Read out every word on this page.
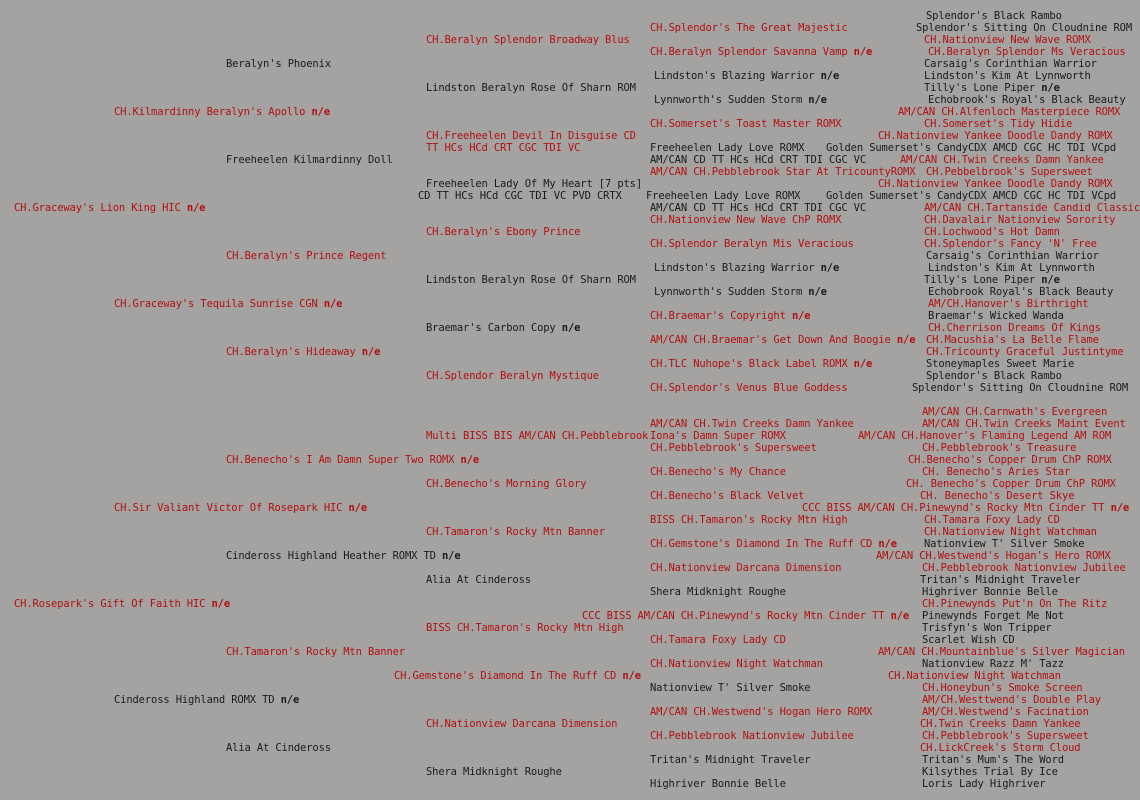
CH.Graceway's Lion King HIC n/e
CH.Kilmardinny Beralyn's Apollo n/e
CH.Graceway's Tequila Sunrise CGN n/e
CH.Sir Valiant Victor Of Rosepark HIC n/e
CH.Rosepark's Gift Of Faith HIC n/e
Cindeross Highland ROMX TD n/e
Beralyn's Phoenix
Freeheelen Kilmardinny Doll
CH.Beralyn's Prince Regent
CH.Beralyn's Hideaway n/e
CH.Benecho's I Am Damn Super Two ROMX n/e
Cindeross Highland Heather ROMX TD n/e
CH.Tamaron's Rocky Mtn Banner
Alia At Cindeross
CH.Beralyn Splendor Broadway Blus
Lindston Beralyn Rose Of Sharn ROM
CH.Freeheelen Devil In Disguise CD
TT HCs HCd CRT CGC TDI VC
Freeheelen Lady Of My Heart [7 pts]
CD TT HCs HCd CGC TDI VC PVD CRTX
CH.Beralyn's Ebony Prince
Lindston Beralyn Rose Of Sharn ROM
Braemar's Carbon Copy n/e
CH.Splendor Beralyn Mystique
Multi BISS BIS AM/CAN CH.Pebblebrook
CH.Benecho's Morning Glory
CH.Tamaron's Rocky Mtn Banner
Alia At Cindeross
BISS CH.Tamaron's Rocky Mtn High
CH.Gemstone's Diamond In The Ruff CD n/e
CH.Nationview Darcana Dimension
Shera Midknight Roughe
CH.Splendor's The Great Majestic
CH.Beralyn Splendor Savanna Vamp n/e
Lindston's Blazing Warrior n/e
Lynnworth's Sudden Storm n/e
CH.Somerset's Toast Master ROMX
Freeheelen Lady Love ROMX
AM/CAN CD TT HCs HCd CRT TDI CGC VC
AM/CAN CH.Pebblebrook Star At TricountyROMX
Freeheelen Lady Love ROMX
AM/CAN CD TT HCs HCd CRT TDI CGC VC
CH.Nationview New Wave ChP ROMX
CH.Splendor Beralyn Mis Veracious
Lindston's Blazing Warrior n/e
Lynnworth's Sudden Storm n/e
CH.Braemar's Copyright n/e
AM/CAN CH.Braemar's Get Down And Boogie n/e
CH.TLC Nuhope's Black Label ROMX n/e
CH.Splendor's Venus Blue Goddess
AM/CAN CH.Twin Creeks Damn Yankee
Iona's Damn Super ROMX
CH.Pebblebrook's Supersweet
CH.Benecho's My Chance
CH.Benecho's Black Velvet
BISS CH.Tamaron's Rocky Mtn High
CH.Gemstone's Diamond In The Ruff CD n/e
CH.Nationview Darcana Dimension
Shera Midknight Roughe
CCC BISS AM/CAN CH.Pinewynd's Rocky Mtn Cinder TT n/e
CH.Tamara Foxy Lady CD
CH.Nationview Night Watchman
Nationview T' Silver Smoke
AM/CAN CH.Westwend's Hogan Hero ROMX
CH.Pebblebrook Nationview Jubilee
Tritan's Midnight Traveler
Highriver Bonnie Belle
Splendor's Black Rambo
Splendor's Sitting On Cloudnine ROM
CH.Nationview New Wave ROMX
CH.Beralyn Splendor Ms Veracious
Carsaig's Corinthian Warrior
Lindston's Kim At Lynnworth
Tilly's Lone Piper n/e
Echobrook's Royal's Black Beauty
AM/CAN CH.Alfenloch Masterpiece ROMX
CH.Somerset's Tidy Hidie
CH.Nationview Yankee Doodle Dandy ROMX
Golden Sumerset's CandyCDX AMCD CGC HC TDI VCpd
AM/CAN CH.Twin Creeks Damn Yankee
CH.Pebbelbrook's Supersweet
CH.Nationview Yankee Doodle Dandy ROMX
Golden Sumerset's CandyCDX AMCD CGC HC TDI VCpd
AM/CAN CH.Tartanside Candid Classic
CH.Davalair Nationview Sorority
CH.Lochwood's Hot Damn
CH.Splendor's Fancy 'N' Free
Carsaig's Corinthian Warrior
Lindston's Kim At Lynnworth
Tilly's Lone Piper n/e
Echobrook Royal's Black Beauty
AM/CH.Hanover's Birthright
Braemar's Wicked Wanda
CH.Cherrison Dreams Of Kings
CH.Macushia's La Belle Flame
CH.Tricounty Graceful Justintyme
Stoneymaples Sweet Marie
Splendor's Black Rambo
Splendor's Sitting On Cloudnine ROM
AM/CAN CH.Carnwath's Evergreen
AM/CAN CH.Twin Creeks Maint Event
AM/CAN CH.Hanover's Flaming Legend AM ROM
CH.Pebblebrook's Treasure
CH.Benecho's Copper Drum ChP ROMX
CH. Benecho's Aries Star
CH. Benecho's Copper Drum ChP ROMX
CH. Benecho's Desert Skye
CCC BISS AM/CAN CH.Pinewynd's Rocky Mtn Cinder TT n/e
CH.Tamara Foxy Lady CD
CH.Nationview Night Watchman
Nationview T' Silver Smoke
AM/CAN CH.Westwend's Hogan's Hero ROMX
CH.Pebblebrook Nationview Jubilee
Tritan's Midnight Traveler
Highriver Bonnie Belle
CH.Pinewynds Put'n On The Ritz
Pinewynds Forget Me Not
Trisfyn's Won Tripper
Scarlet Wish CD
AM/CAN CH.Mountainblue's Silver Magician
Nationview Razz M' Tazz
CH.Nationview Night Watchman
CH.Honeybun's Smoke Screen
AM/CH.Westtwend's Double Play
AM/CH.Westwend's Facination
CH.Twin Creeks Damn Yankee
CH.Pebblebrook's Supersweet
CH.LickCreek's Storm Cloud
Tritan's Mum's The Word
Kilsythes Trial By Ice
Loris Lady Highriver
